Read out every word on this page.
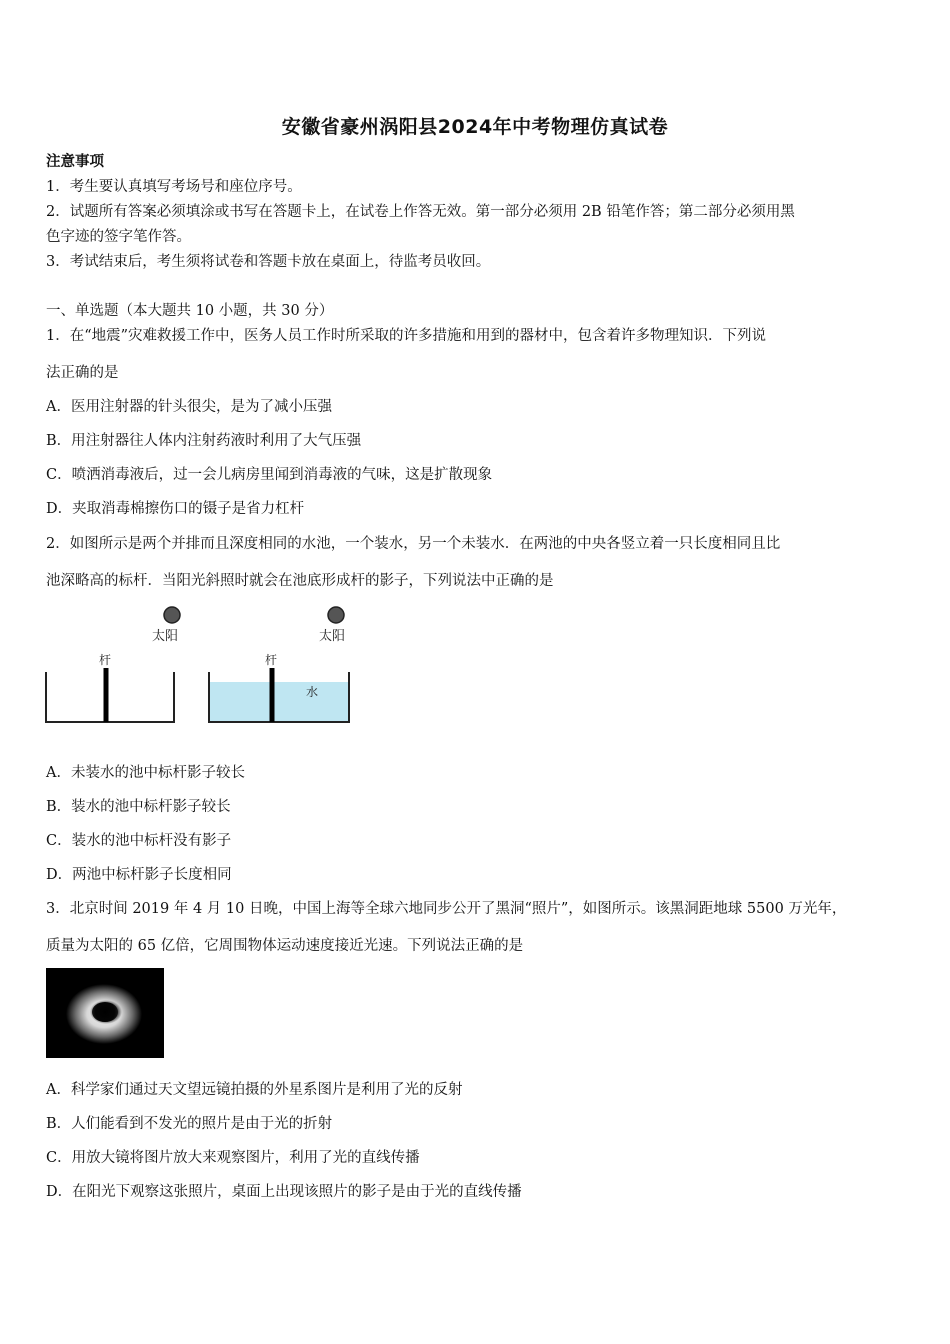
安徽省豪州涡阳县2024年中考物理仿真试卷
注意事项
1．考生要认真填写考场号和座位序号。
2．试题所有答案必须填涂或书写在答题卡上，在试卷上作答无效。第一部分必须用 2B 铅笔作答；第二部分必须用黑
色字迹的签字笔作答。
3．考试结束后，考生须将试卷和答题卡放在桌面上，待监考员收回。
一、单选题（本大题共 10 小题，共 30 分）
1．在“地震”灾难救援工作中，医务人员工作时所采取的许多措施和用到的器材中，包含着许多物理知识．下列说
法正确的是
A．医用注射器的针头很尖，是为了减小压强
B．用注射器往人体内注射药液时利用了大气压强
C．喷洒消毒液后，过一会儿病房里闻到消毒液的气味，这是扩散现象
D．夹取消毒棉擦伤口的镊子是省力杠杆
2．如图所示是两个并排而且深度相同的水池，一个装水，另一个未装水．在两池的中央各竖立着一只长度相同且比
池深略高的标杆．当阳光斜照时就会在池底形成杆的影子，下列说法中正确的是
太阳	太阳
杆	杆
水
A．未装水的池中标杆影子较长
B．装水的池中标杆影子较长
C．装水的池中标杆没有影子
D．两池中标杆影子长度相同
3．北京时间 2019 年 4 月 10 日晚，中国上海等全球六地同步公开了黑洞“照片”，如图所示。该黑洞距地球 5500 万光年，
质量为太阳的 65 亿倍，它周围物体运动速度接近光速。下列说法正确的是
A．科学家们通过天文望远镜拍摄的外星系图片是利用了光的反射
B．人们能看到不发光的照片是由于光的折射
C．用放大镜将图片放大来观察图片，利用了光的直线传播
D．在阳光下观察这张照片，桌面上出现该照片的影子是由于光的直线传播
